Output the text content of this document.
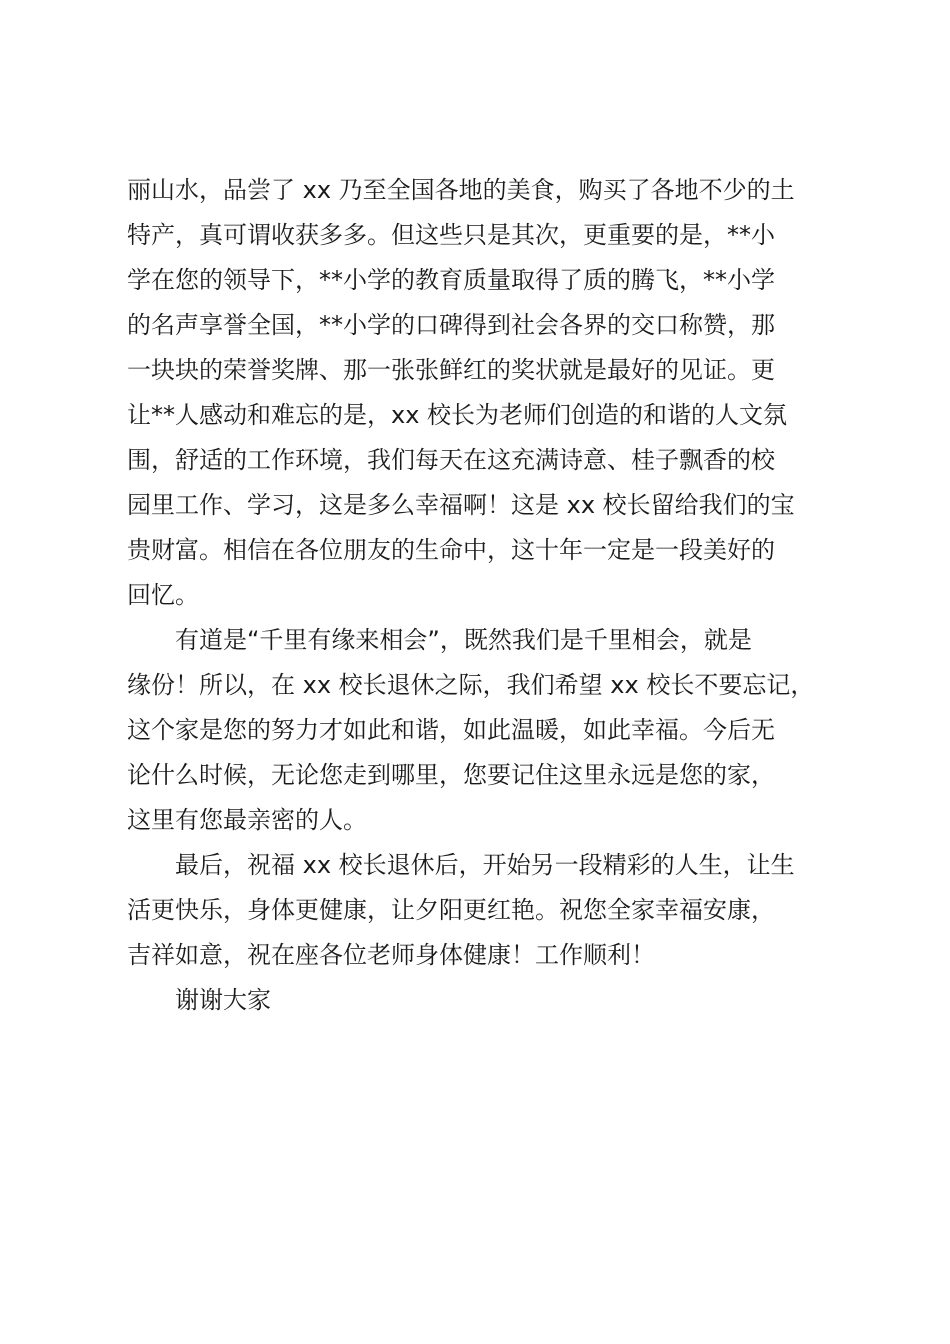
丽山水，品尝了 xx 乃至全国各地的美食，购买了各地不少的土
特产，真可谓收获多多。但这些只是其次，更重要的是，**小
学在您的领导下，**小学的教育质量取得了质的腾飞，**小学
的名声享誉全国，**小学的口碑得到社会各界的交口称赞，那
一块块的荣誉奖牌、那一张张鲜红的奖状就是最好的见证。更
让**人感动和难忘的是，xx 校长为老师们创造的和谐的人文氛
围，舒适的工作环境，我们每天在这充满诗意、桂子飘香的校
园里工作、学习，这是多么幸福啊！这是 xx 校长留给我们的宝
贵财富。相信在各位朋友的生命中，这十年一定是一段美好的
回忆。
有道是“千里有缘来相会”，既然我们是千里相会，就是
缘份！所以，在 xx 校长退休之际，我们希望 xx 校长不要忘记，
这个家是您的努力才如此和谐，如此温暖，如此幸福。今后无
论什么时候，无论您走到哪里，您要记住这里永远是您的家，
这里有您最亲密的人。
最后，祝福 xx 校长退休后，开始另一段精彩的人生，让生
活更快乐，身体更健康，让夕阳更红艳。祝您全家幸福安康，
吉祥如意，祝在座各位老师身体健康！工作顺利！
谢谢大家
